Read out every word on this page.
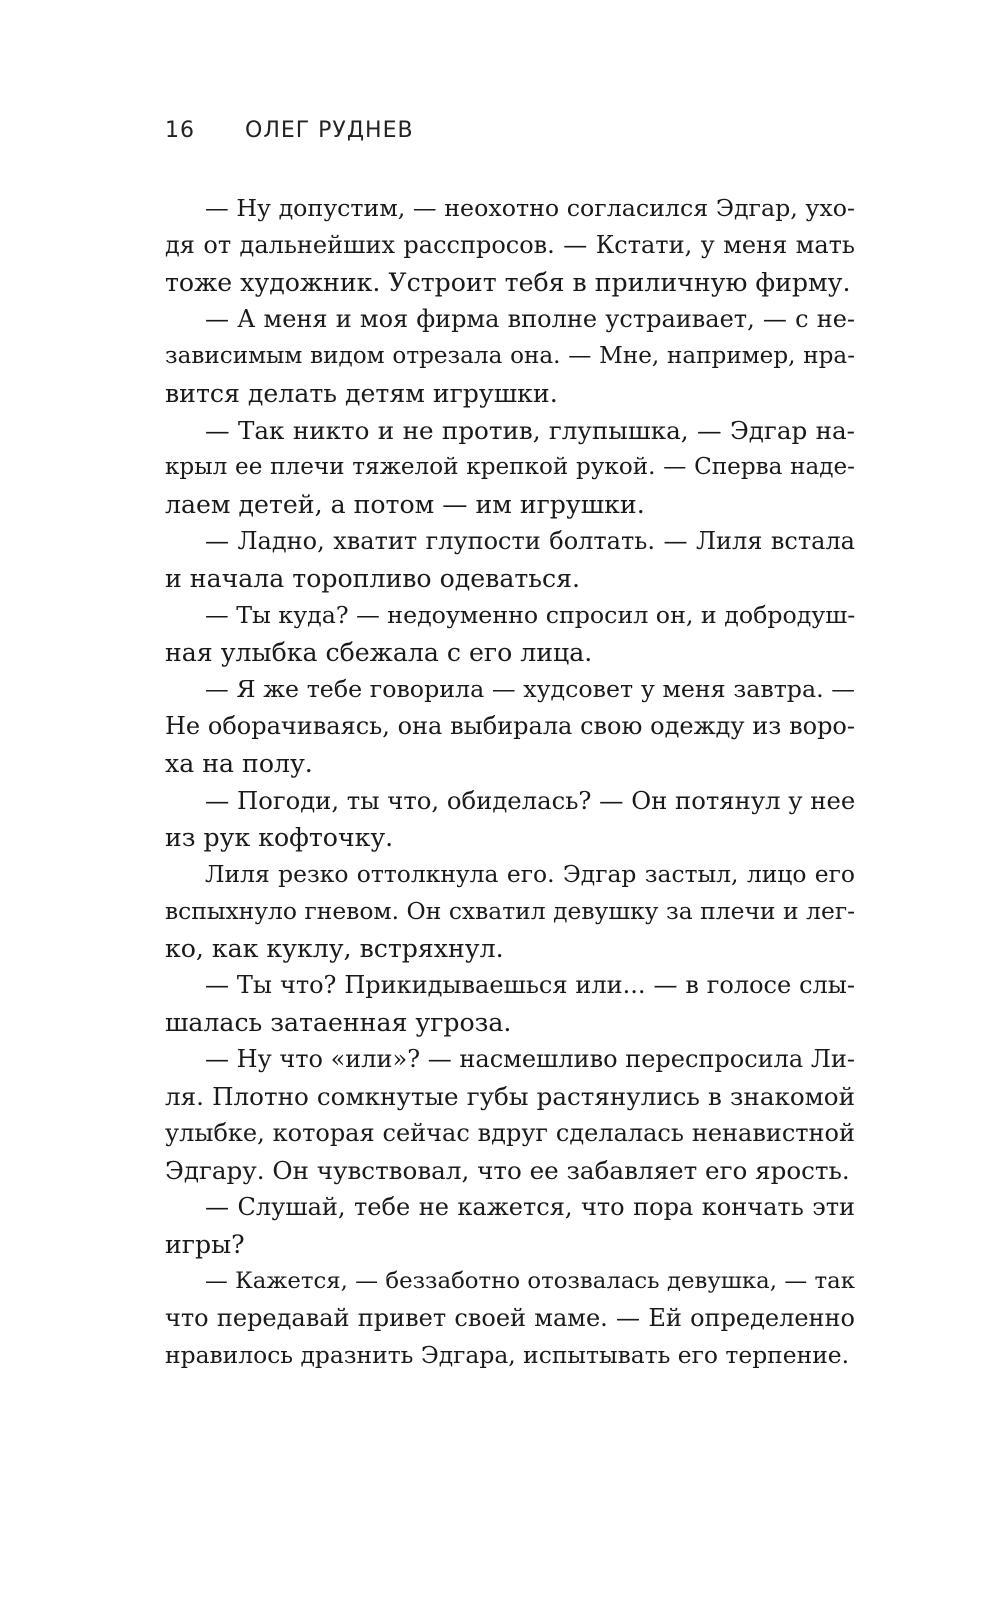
16 ОЛЕГ РУДНЕВ
— Ну допустим, — неохотно согласился Эдгар, ухо-
дя от дальнейших расспросов. — Кстати, у меня мать
тоже художник. Устроит тебя в приличную фирму.
— А меня и моя фирма вполне устраивает, — с не-
зависимым видом отрезала она. — Мне, например, нра-
вится делать детям игрушки.
— Так никто и не против, глупышка, — Эдгар на-
крыл ее плечи тяжелой крепкой рукой. — Сперва наде-
лаем детей, а потом — им игрушки.
— Ладно, хватит глупости болтать. — Лиля встала
и начала торопливо одеваться.
— Ты куда? — недоуменно спросил он, и добродуш-
ная улыбка сбежала с его лица.
— Я же тебе говорила — худсовет у меня завтра. —
Не оборачиваясь, она выбирала свою одежду из воро-
ха на полу.
— Погоди, ты что, обиделась? — Он потянул у нее
из рук кофточку.
Лиля резко оттолкнула его. Эдгар застыл, лицо его
вспыхнуло гневом. Он схватил девушку за плечи и лег-
ко, как куклу, встряхнул.
— Ты что? Прикидываешься или... — в голосе слы-
шалась затаенная угроза.
— Ну что «или»? — насмешливо переспросила Ли-
ля. Плотно сомкнутые губы растянулись в знакомой
улыбке, которая сейчас вдруг сделалась ненавистной
Эдгару. Он чувствовал, что ее забавляет его ярость.
— Слушай, тебе не кажется, что пора кончать эти
игры?
— Кажется, — беззаботно отозвалась девушка, — так
что передавай привет своей маме. — Ей определенно
нравилось дразнить Эдгара, испытывать его терпение.
